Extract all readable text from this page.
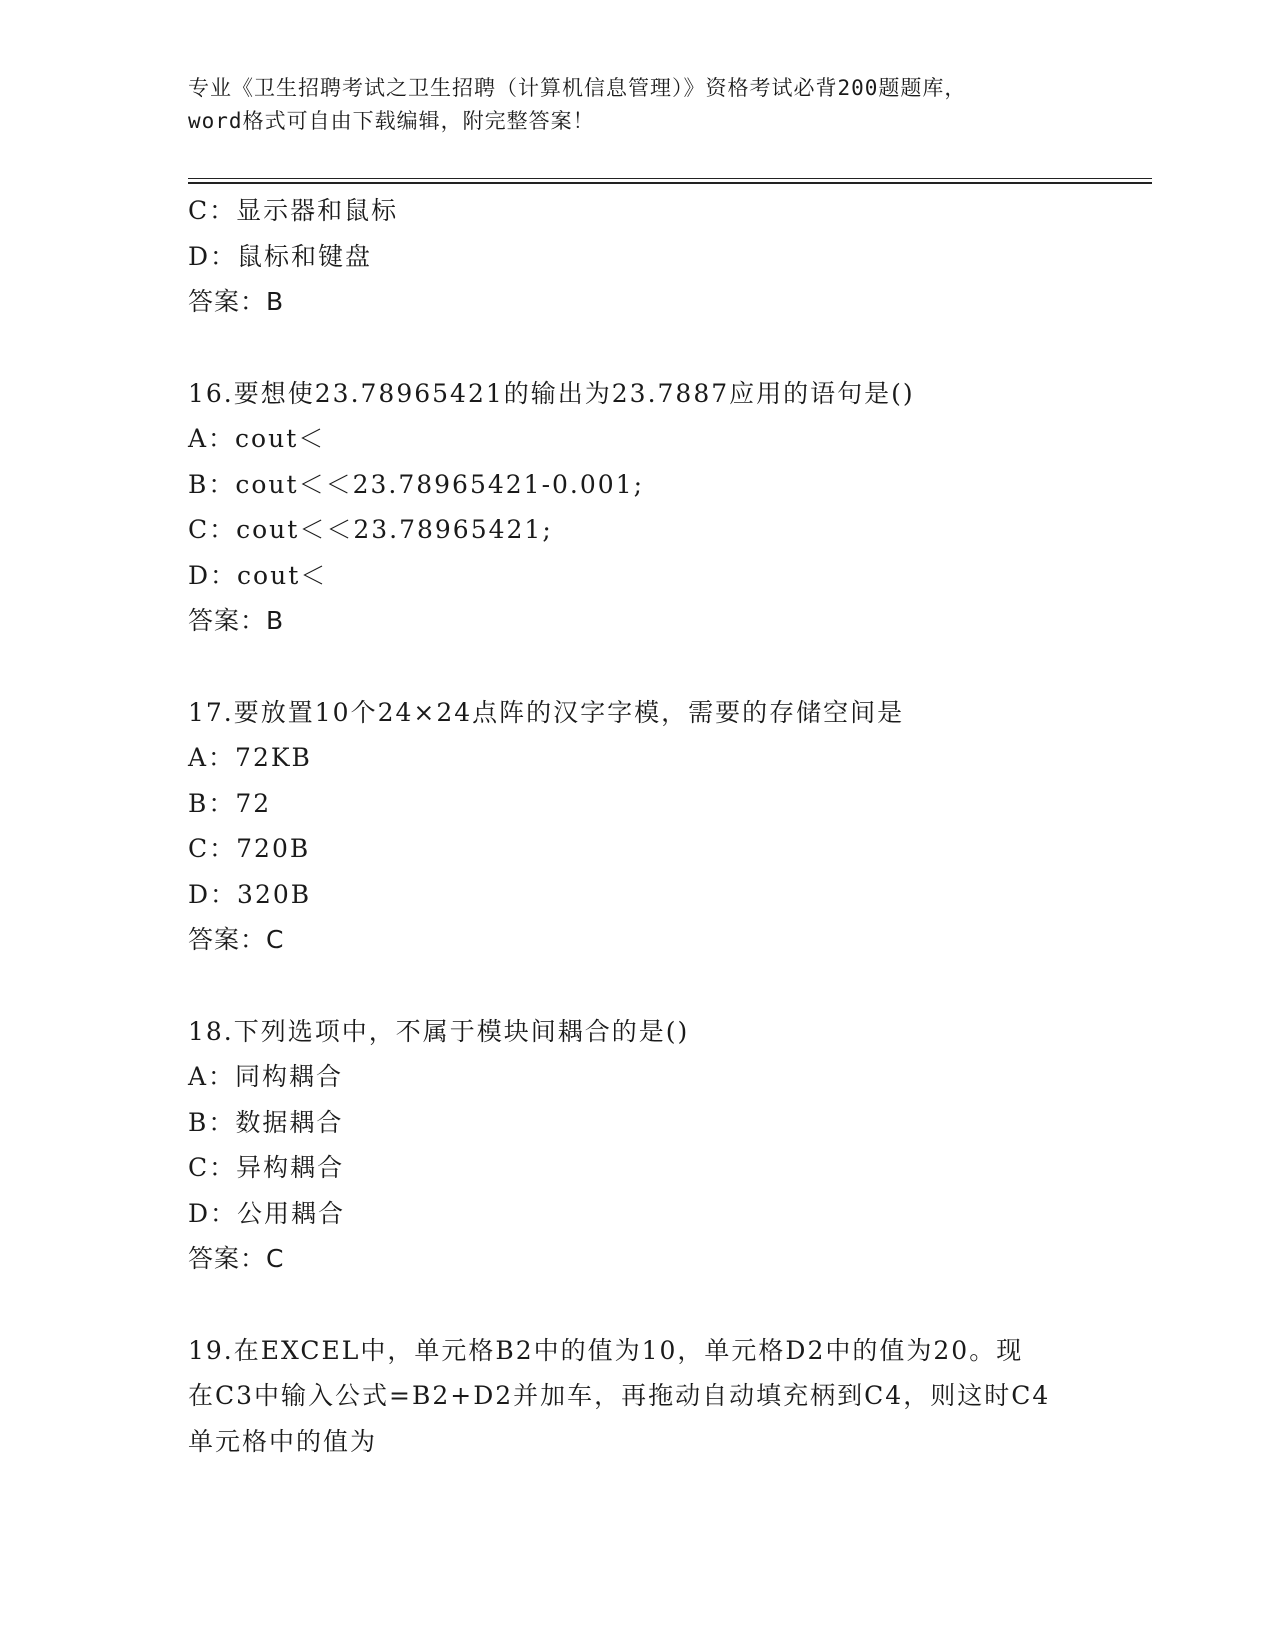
专业《卫生招聘考试之卫生招聘（计算机信息管理）》资格考试必背200题题库，
word格式可自由下载编辑，附完整答案！
C：显示器和鼠标
D：鼠标和键盘
答案：B
16.要想使23.78965421的输出为23.7887应用的语句是()
A：cout＜
B：cout＜＜23.78965421-0.001;
C：cout＜＜23.78965421;
D：cout＜
答案：B
17.要放置10个24×24点阵的汉字字模，需要的存储空间是
A：72KB
B：72
C：720B
D：320B
答案：C
18.下列选项中，不属于模块间耦合的是()
A：同构耦合
B：数据耦合
C：异构耦合
D：公用耦合
答案：C
19.在EXCEL中，单元格B2中的值为10，单元格D2中的值为20。现
在C3中输入公式=B2+D2并加车，再拖动自动填充柄到C4，则这时C4
单元格中的值为
